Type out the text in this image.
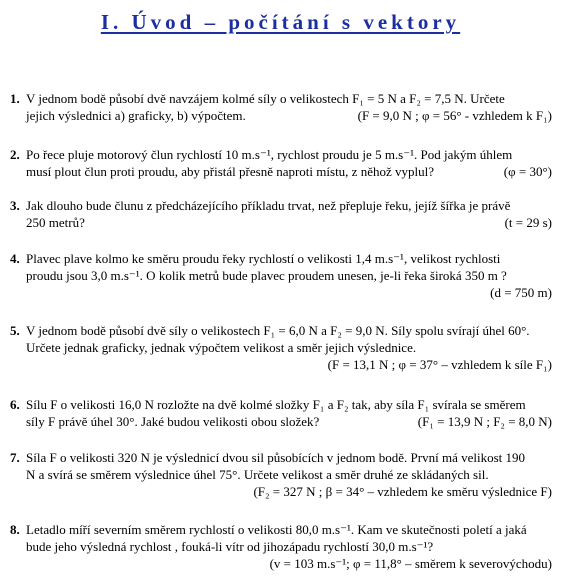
I. Úvod – počítání s vektory
1. V jednom bodě působí dvě navzájem kolmé síly o velikostech F₁ = 5 N a F₂ = 7,5 N. Určete
jejich výslednici a) graficky, b) výpočtem.	(F = 9,0 N ; φ = 56° - vzhledem k F₁)
2. Po řece pluje motorový člun rychlostí 10 m.s⁻¹, rychlost proudu je 5 m.s⁻¹. Pod jakým úhlem
musí plout člun proti proudu, aby přistál přesně naproti místu, z něhož vyplul?	(φ = 30°)
3. Jak dlouho bude člunu z předcházejícího příkladu trvat, než přepluje řeku, jejíž šířka je právě
250 metrů?	(t = 29 s)
4. Plavec plave kolmo ke směru proudu řeky rychlostí o velikosti 1,4 m.s⁻¹, velikost rychlosti
proudu jsou 3,0 m.s⁻¹. O kolik metrů bude plavec proudem unesen, je-li řeka široká 350 m ?
(d = 750 m)
5. V jednom bodě působí dvě síly o velikostech F₁ = 6,0 N a F₂ = 9,0 N. Síly spolu svírají úhel 60°.
Určete jednak graficky, jednak výpočtem velikost a směr jejich výslednice.
(F = 13,1 N ; φ = 37° – vzhledem k síle F₁)
6. Sílu F o velikosti 16,0 N rozložte na dvě kolmé složky F₁ a F₂ tak, aby síla F₁ svírala se směrem
síly F právě úhel 30°. Jaké budou velikosti obou složek?	(F₁ = 13,9 N ; F₂ = 8,0 N)
7. Síla F o velikosti 320 N je výslednicí dvou sil působících v jednom bodě. První má velikost 190
N a svírá se směrem výslednice úhel 75°. Určete velikost a směr druhé ze skládaných sil.
(F₂ = 327 N ; β = 34° – vzhledem ke směru výslednice F)
8. Letadlo míří severním směrem rychlostí o velikosti 80,0 m.s⁻¹. Kam ve skutečnosti poletí a jaká
bude jeho výsledná rychlost , fouká-li vítr od jihozápadu rychlostí 30,0 m.s⁻¹?
(v = 103 m.s⁻¹; φ = 11,8° – směrem k severovýchodu)
